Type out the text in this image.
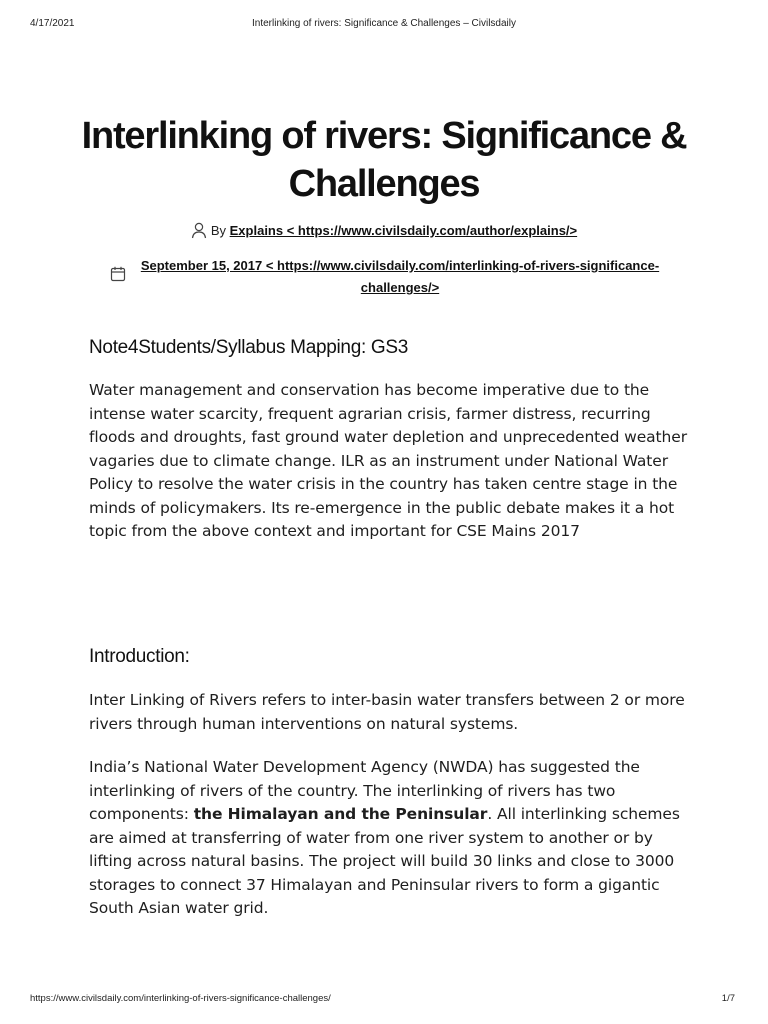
4/17/2021	Interlinking of rivers: Significance & Challenges – Civilsdaily
Interlinking of rivers: Significance & Challenges
By Explains < https://www.civilsdaily.com/author/explains/>
September 15, 2017 < https://www.civilsdaily.com/interlinking-of-rivers-significance-challenges/>
Note4Students/Syllabus Mapping: GS3

Water management and conservation has become imperative due to the intense water scarcity, frequent agrarian crisis, farmer distress, recurring floods and droughts, fast ground water depletion and unprecedented weather vagaries due to climate change. ILR as an instrument under National Water Policy to resolve the water crisis in the country has taken centre stage in the minds of policymakers. Its re-emergence in the public debate makes it a hot topic from the above context and important for CSE Mains 2017

Introduction:

Inter Linking of Rivers refers to inter-basin water transfers between 2 or more rivers through human interventions on natural systems.

India’s National Water Development Agency (NWDA) has suggested the interlinking of rivers of the country. The interlinking of rivers has two components: the Himalayan and the Peninsular. All interlinking schemes are aimed at transferring of water from one river system to another or by lifting across natural basins. The project will build 30 links and close to 3000 storages to connect 37 Himalayan and Peninsular rivers to form a gigantic South Asian water grid.

https://www.civilsdaily.com/interlinking-of-rivers-significance-challenges/	1/7
